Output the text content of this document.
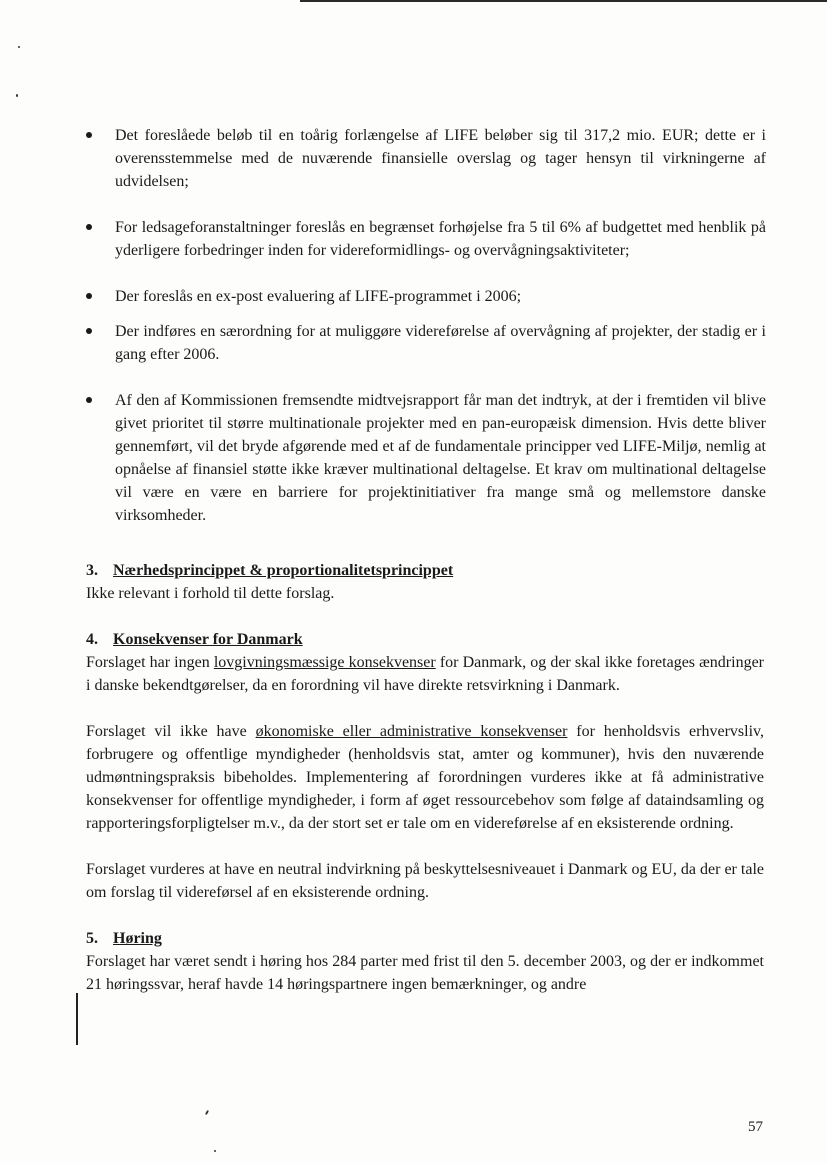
Det foreslåede beløb til en toårig forlængelse af LIFE beløber sig til 317,2 mio. EUR; dette er i overensstemmelse med de nuværende finansielle overslag og tager hensyn til virkningerne af udvidelsen;
For ledsageforanstaltninger foreslås en begrænset forhøjelse fra 5 til 6% af budgettet med henblik på yderligere forbedringer inden for videreformidlings- og overvågningsaktiviteter;
Der foreslås en ex-post evaluering af LIFE-programmet i 2006;
Der indføres en særordning for at muliggøre videreførelse af overvågning af projekter, der stadig er i gang efter 2006.
Af den af Kommissionen fremsendte midtvejsrapport får man det indtryk, at der i fremtiden vil blive givet prioritet til større multinationale projekter med en pan-europæisk dimension. Hvis dette bliver gennemført, vil det bryde afgørende med et af de fundamentale principper ved LIFE-Miljø, nemlig at opnåelse af finansiel støtte ikke kræver multinational deltagelse. Et krav om multinational deltagelse vil være en være en barriere for projektinitiativer fra mange små og mellemstore danske virksomheder.
3. Nærhedsprincippet & proportionalitetsprincippet
Ikke relevant i forhold til dette forslag.
4. Konsekvenser for Danmark
Forslaget har ingen lovgivningsmæssige konsekvenser for Danmark, og der skal ikke foretages ændringer i danske bekendtgørelser, da en forordning vil have direkte retsvirkning i Danmark.
Forslaget vil ikke have økonomiske eller administrative konsekvenser for henholdsvis erhvervsliv, forbrugere og offentlige myndigheder (henholdsvis stat, amter og kommuner), hvis den nuværende udmøntningspraksis bibeholdes. Implementering af forordningen vurderes ikke at få administrative konsekvenser for offentlige myndigheder, i form af øget ressourcebehov som følge af dataindsamling og rapporteringsforpligtelser m.v., da der stort set er tale om en videreførelse af en eksisterende ordning.
Forslaget vurderes at have en neutral indvirkning på beskyttelsesniveauet i Danmark og EU, da der er tale om forslag til videreførsel af en eksisterende ordning.
5. Høring
Forslaget har været sendt i høring hos 284 parter med frist til den 5. december 2003, og der er indkommet 21 høringssvar, heraf havde 14 høringspartnere ingen bemærkninger, og andre
57
